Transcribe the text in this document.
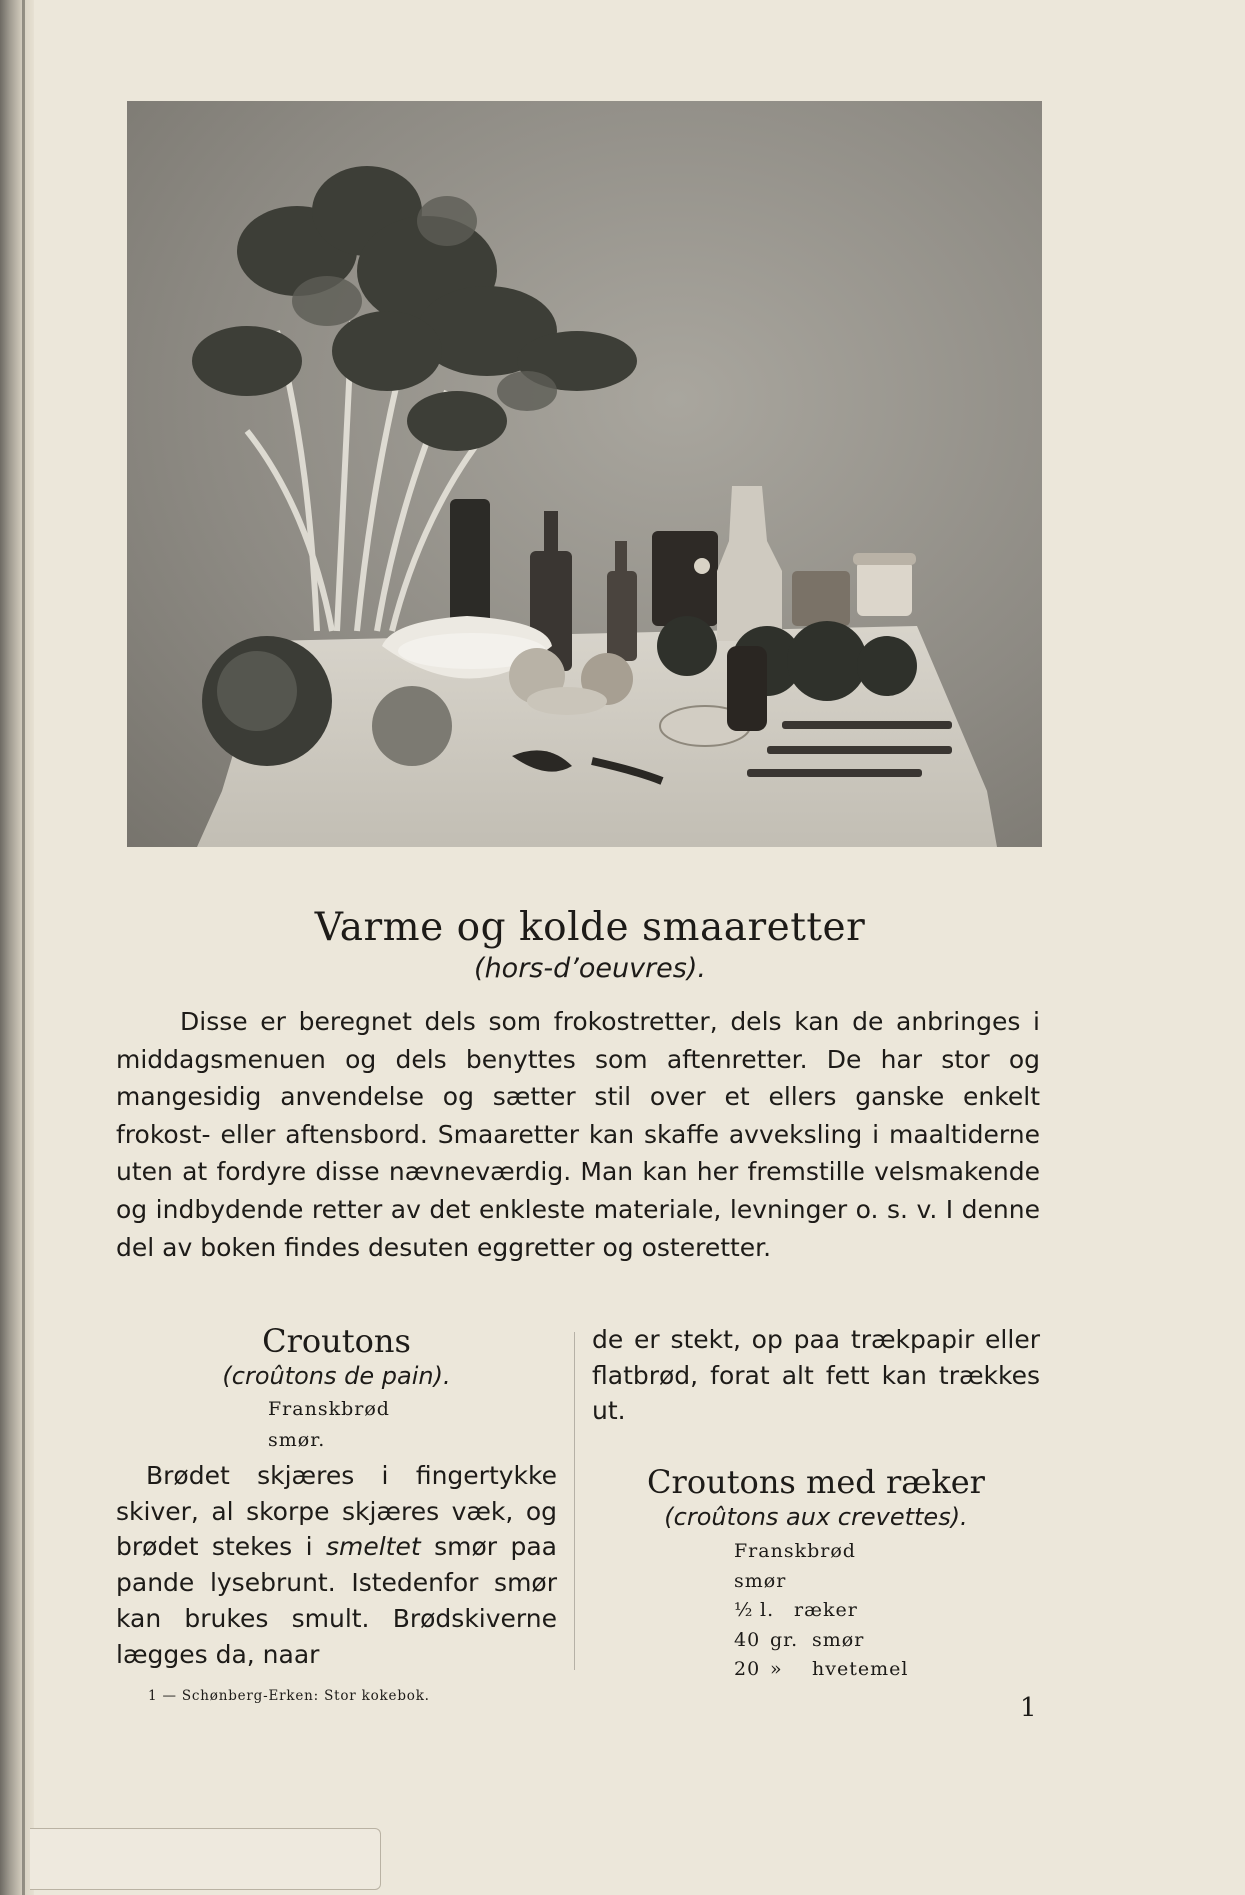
Varme og kolde smaaretter
(hors-d’oeuvres).

Disse er beregnet dels som frokostretter, dels kan de anbringes i middagsmenuen og dels benyttes som aftenretter. De har stor og mangesidig anvendelse og sætter stil over et ellers ganske enkelt frokost- eller aftensbord. Smaaretter kan skaffe avveksling i maaltiderne uten at fordyre disse nævneværdig. Man kan her fremstille velsmakende og indbydende retter av det enkleste materiale, levninger o. s. v. I denne del av boken findes desuten eggretter og osteretter.

Croutons
(croûtons de pain).
Franskbrød
smør.

Brødet skjæres i fingertykke skiver, al skorpe skjæres væk, og brødet stekes i smeltet smør paa pande lysebrunt. Istedenfor smør kan brukes smult. Brødskiverne lægges da, naar

de er stekt, op paa trækpapir eller flatbrød, forat alt fett kan trækkes ut.

Croutons med ræker
(croûtons aux crevettes).
Franskbrød
smør
½ l. ræker
40 gr. smør
20 » hvetemel
1 — Schønberg-Erken: Stor kokebok.	1
